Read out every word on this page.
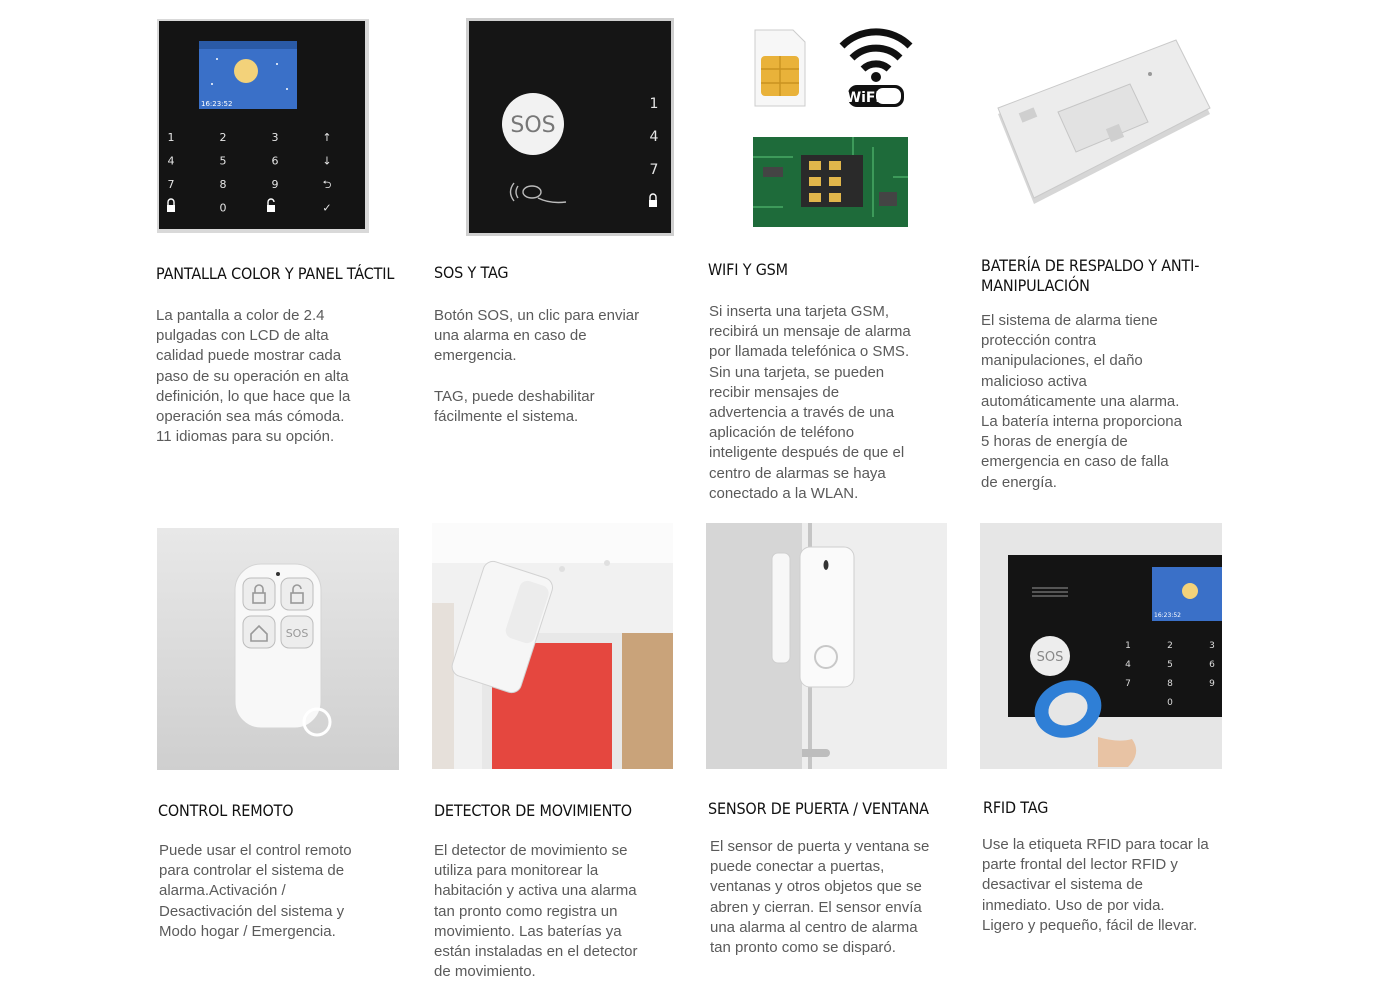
16:23:52
1	2	3	↑
4	5	6	↓
7	8	9	⮌
0	✓
PANTALLA COLOR Y PANEL TÁCTIL
La pantalla a color de 2.4
pulgadas con LCD de alta
calidad puede mostrar cada
paso de su operación en alta
definición, lo que hace que la
operación sea más cómoda.
11 idiomas para su opción.
SOS
1
4
7
SOS Y TAG
Botón SOS, un clic para enviar
una alarma en caso de
emergencia.

TAG, puede deshabilitar
fácilmente el sistema.
WiFi
WIFI Y GSM
Si inserta una tarjeta GSM,
recibirá un mensaje de alarma
por llamada telefónica o SMS.
Sin una tarjeta, se pueden
recibir mensajes de
advertencia a través de una
aplicación de teléfono
inteligente después de que el
centro de alarmas se haya
conectado a la WLAN.
BATERÍA DE RESPALDO Y ANTI-MANIPULACIÓN
El sistema de alarma tiene
protección contra
manipulaciones, el daño
malicioso activa
automáticamente una alarma.
La batería interna proporciona
5 horas de energía de
emergencia en caso de falla
de energía.
SOS
CONTROL REMOTO
Puede usar el control remoto
para controlar el sistema de
alarma.Activación /
Desactivación del sistema y
Modo hogar / Emergencia.
DETECTOR DE MOVIMIENTO
El detector de movimiento se
utiliza para monitorear la
habitación y activa una alarma
tan pronto como registra un
movimiento. Las baterías ya
están instaladas en el detector
de movimiento.
SENSOR DE PUERTA / VENTANA
El sensor de puerta y ventana se
puede conectar a puertas,
ventanas y otros objetos que se
abren y cierran. El sensor envía
una alarma al centro de alarma
tan pronto como se disparó.
16:23:52
SOS
1	2	3
4	5	6
7	8	9
0
RFID TAG
Use la etiqueta RFID para tocar la
parte frontal del lector RFID y
desactivar el sistema de
inmediato. Uso de por vida.
Ligero y pequeño, fácil de llevar.
